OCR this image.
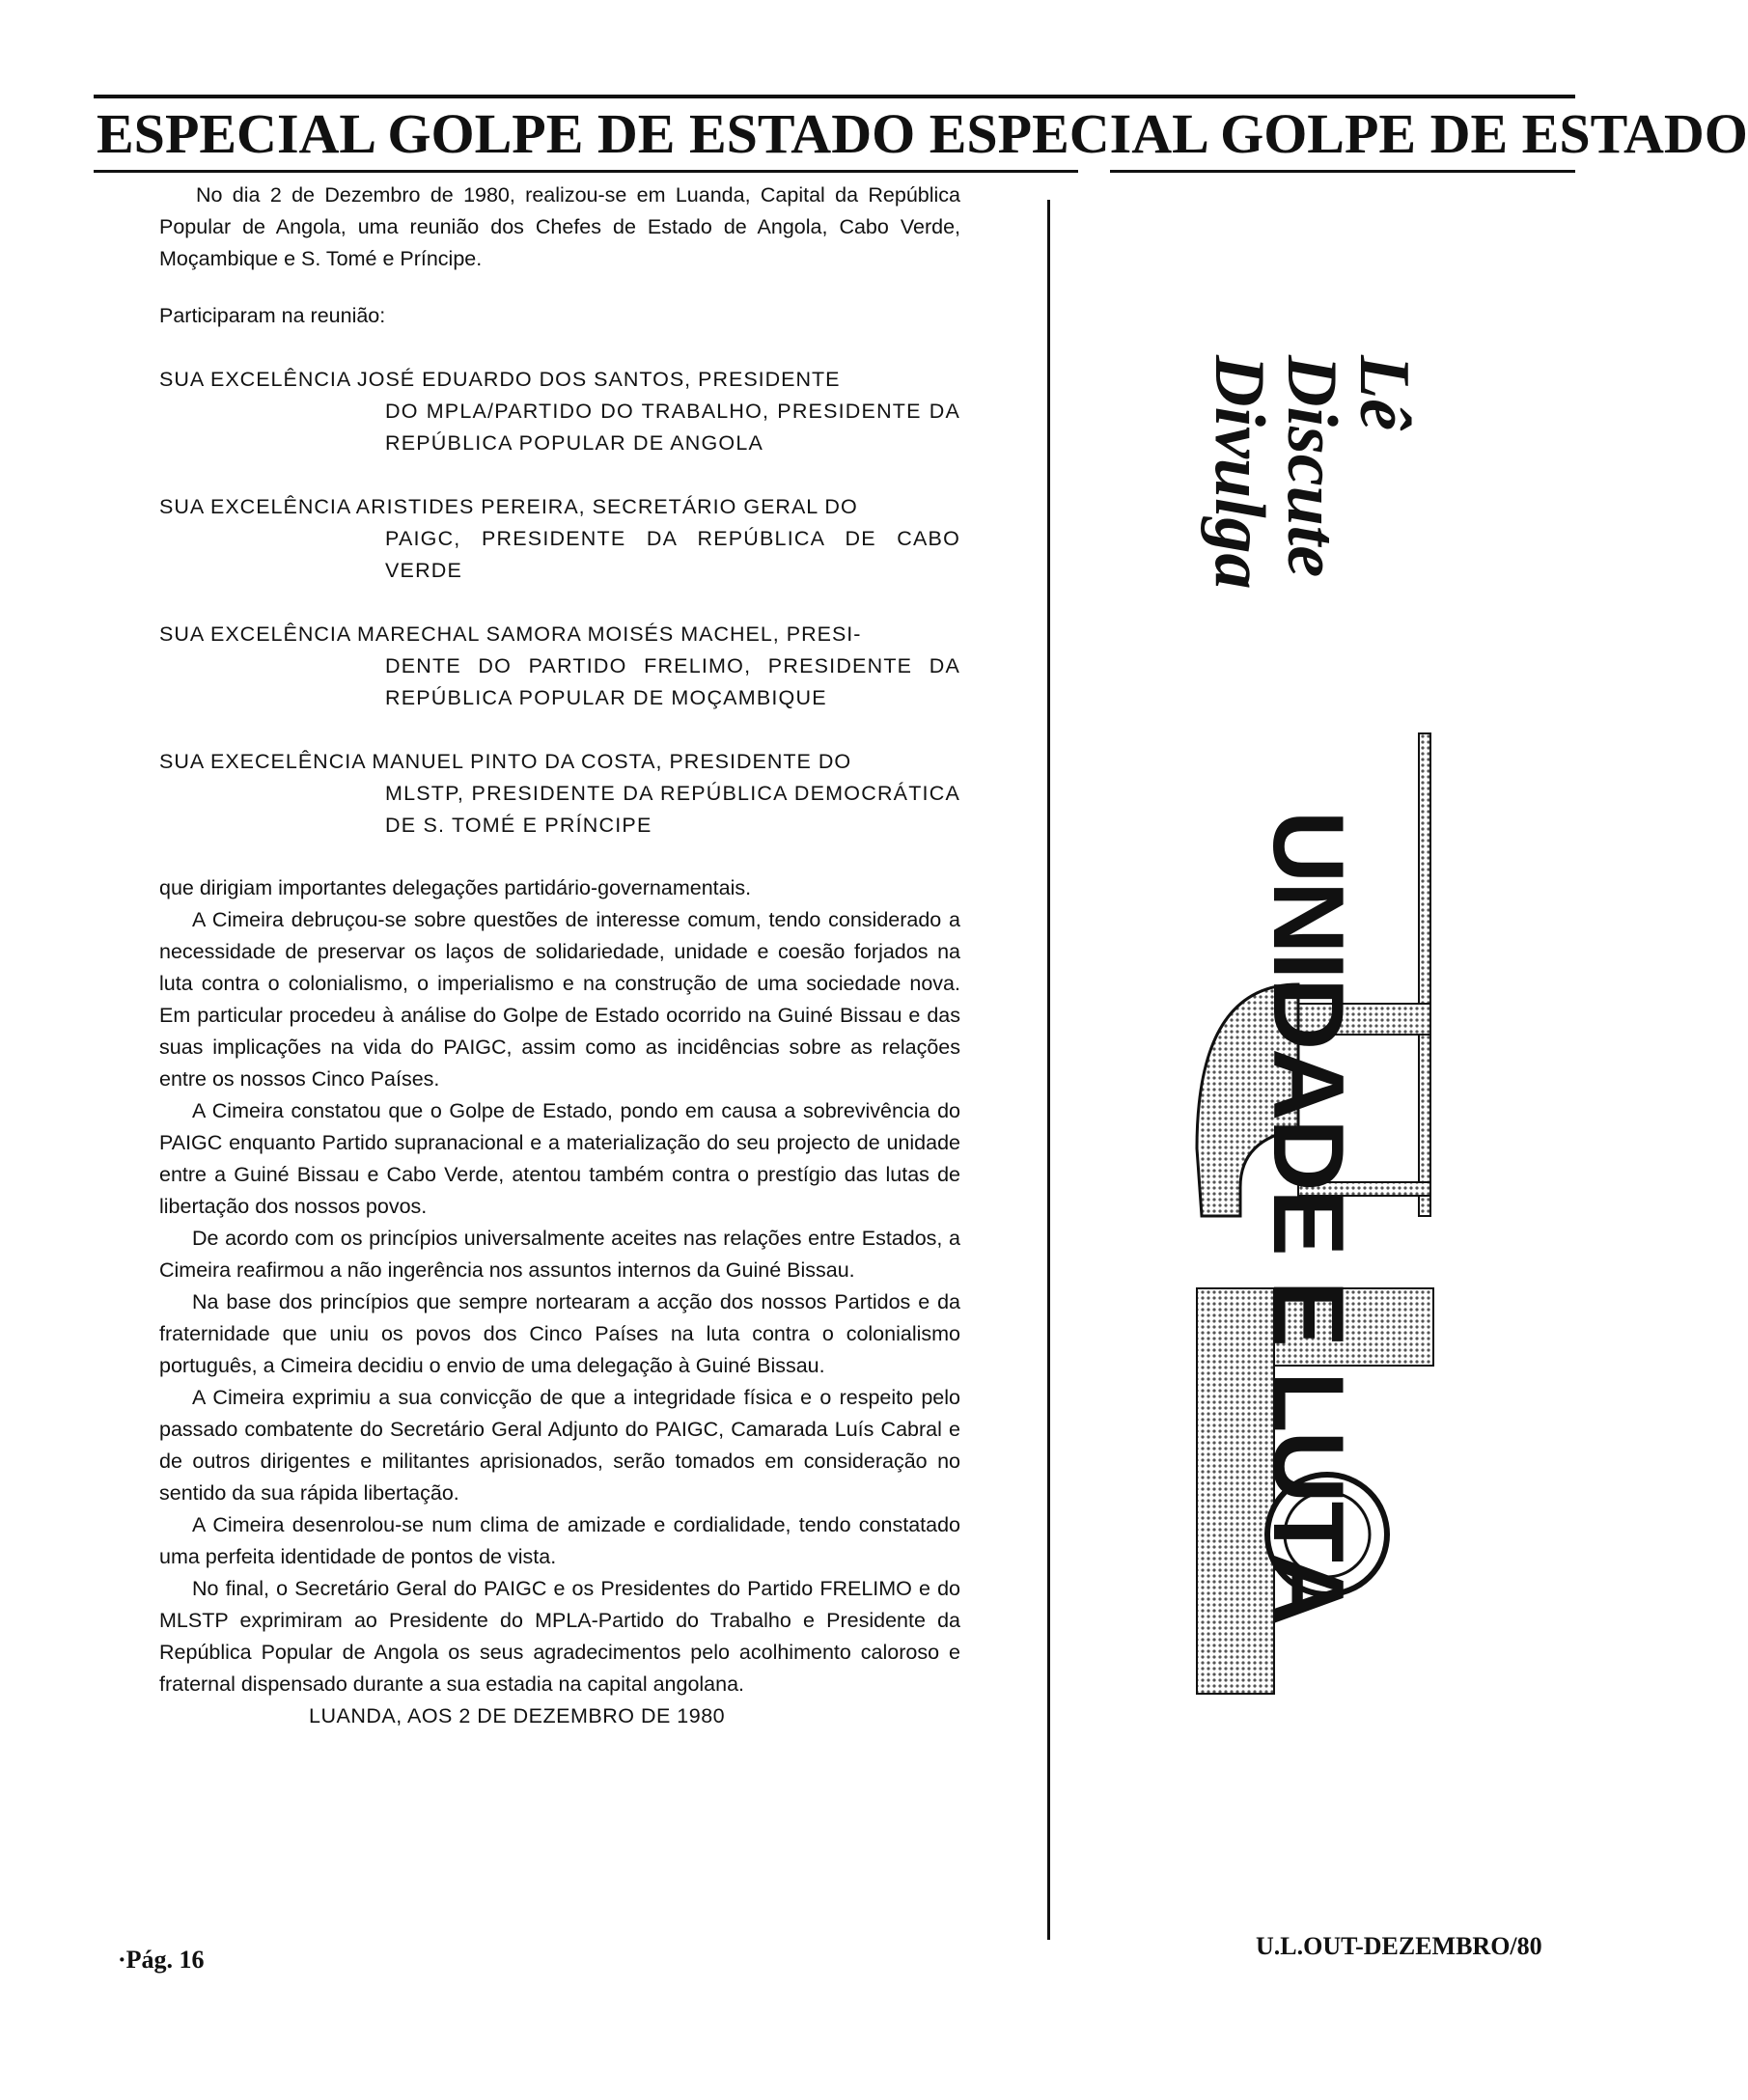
ESPECIAL GOLPE DE ESTADO ESPECIAL GOLPE DE ESTADO

No dia 2 de Dezembro de 1980, realizou-se em Luanda, Capital da República Popular de Angola, uma reunião dos Chefes de Estado de Angola, Cabo Verde, Moçambique e S. Tomé e Príncipe.

Participaram na reunião:

SUA EXCELÊNCIA JOSÉ EDUARDO DOS SANTOS, PRESIDENTE
DO MPLA/PARTIDO DO TRABALHO, PRESIDENTE DA REPÚBLICA POPULAR DE ANGOLA
SUA EXCELÊNCIA ARISTIDES PEREIRA, SECRETÁRIO GERAL DO
PAIGC, PRESIDENTE DA REPÚBLICA DE CABO VERDE
SUA EXCELÊNCIA MARECHAL SAMORA MOISÉS MACHEL, PRESI-
DENTE DO PARTIDO FRELIMO, PRESIDENTE DA REPÚBLICA POPULAR DE MOÇAMBIQUE
SUA EXECELÊNCIA MANUEL PINTO DA COSTA, PRESIDENTE DO
MLSTP, PRESIDENTE DA REPÚBLICA DEMOCRÁTICA DE S. TOMÉ E PRÍNCIPE

que dirigiam importantes delegações partidário-governamentais.

A Cimeira debruçou-se sobre questões de interesse comum, tendo considerado a necessidade de preservar os laços de solidariedade, unidade e coesão forjados na luta contra o colonialismo, o imperialismo e na construção de uma sociedade nova. Em particular procedeu à análise do Golpe de Estado ocorrido na Guiné Bissau e das suas implicações na vida do PAIGC, assim como as incidências sobre as relações entre os nossos Cinco Países.

A Cimeira constatou que o Golpe de Estado, pondo em causa a sobrevivência do PAIGC enquanto Partido supranacional e a materialização do seu projecto de unidade entre a Guiné Bissau e Cabo Verde, atentou também contra o prestígio das lutas de libertação dos nossos povos.

De acordo com os princípios universalmente aceites nas relações entre Estados, a Cimeira reafirmou a não ingerência nos assuntos internos da Guiné Bissau.

Na base dos princípios que sempre nortearam a acção dos nossos Partidos e da fraternidade que uniu os povos dos Cinco Países na luta contra o colonialismo português, a Cimeira decidiu o envio de uma delegação à Guiné Bissau.

A Cimeira exprimiu a sua convicção de que a integridade física e o respeito pelo passado combatente do Secretário Geral Adjunto do PAIGC, Camarada Luís Cabral e de outros dirigentes e militantes aprisionados, serão tomados em consideração no sentido da sua rápida libertação.

A Cimeira desenrolou-se num clima de amizade e cordialidade, tendo constatado uma perfeita identidade de pontos de vista.

No final, o Secretário Geral do PAIGC e os Presidentes do Partido FRELIMO e do MLSTP exprimiram ao Presidente do MPLA-Partido do Trabalho e Presidente da República Popular de Angola os seus agradecimentos pelo acolhimento caloroso e fraternal dispensado durante a sua estadia na capital angolana.

LUANDA, AOS 2 DE DEZEMBRO DE 1980

Lê
Discute
Divulga
UNIDADE E LUTA
·Pág. 16	U.L.OUT-DEZEMBRO/80
